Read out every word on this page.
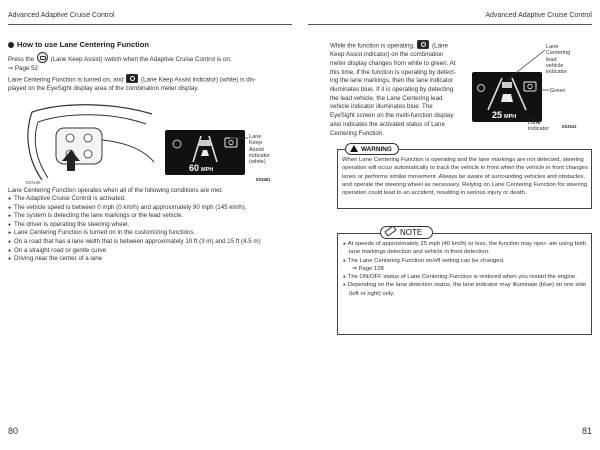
Advanced Adaptive Cruise Control	Advanced Adaptive Cruise Control
How to use Lane Centering Function
Press the	(Lane Keep Assist) switch when the Adaptive Cruise Control is on.
⇒ Page 52
Lane Centering Function is turned on, and	(Lane Keep Assist indicator) (white) is dis-
played on the EyeSight display area of the combination meter display.
E03198
60 MPH
Lane
Keep
Assist
indicator
(white)
E03681
Lane Centering Function operates when all of the following conditions are met.
● The Adaptive Cruise Control is activated.
● The vehicle speed is between 0 mph (0 km/h) and approximately 90 mph (145 km/h).
● The system is detecting the lane markings or the lead vehicle.
● The driver is operating the steering wheel.
● Lane Centering Function is turned on in the customizing functions.
● On a road that has a lane width that is between approximately 10 ft (3 m) and 15 ft (4.5 m)
● On a straight road or gentle curve
● Driving near the center of a lane
80
While the function is operating,	(Lane
Keep Assist indicator) on the combination
meter display changes from white to green. At
this time, if the function is operating by detect-
ing the lane markings, then the lane indicator
illuminates blue. If it is operating by detecting
the lead vehicle, the Lane Centering lead
vehicle indicator illuminates blue. The
EyeSight screen on the multi-function display
also indicates the activated status of Lane
Centering Function.
25 MPH
Lane
Centering
lead
vehicle
indicator
Green
Lane
indicator	E03643
WARNING
When Lane Centering Function is operating and the lane markings are not detected, steering operation will occur automatically to track the vehicle in front when the vehicle in front changes lanes or performs similar movement. Always be aware of surrounding vehicles and obstacles, and operate the steering wheel as necessary. Relying on Lane Centering Function for steering operation could lead to an accident, resulting in serious injury or death.
NOTE
● At speeds of approximately 25 mph (40 km/h) or less, the function may oper- ate using both lane markings detection and vehicle in front detection.
● The Lane Centering Function on/off setting can be changed.
⇒ Page 128
● The ON/OFF status of Lane Centering Function is restored when you restart the engine.
● Depending on the lane detection status, the lane indicator may illuminate (blue) on one side (left or right) only.
81
